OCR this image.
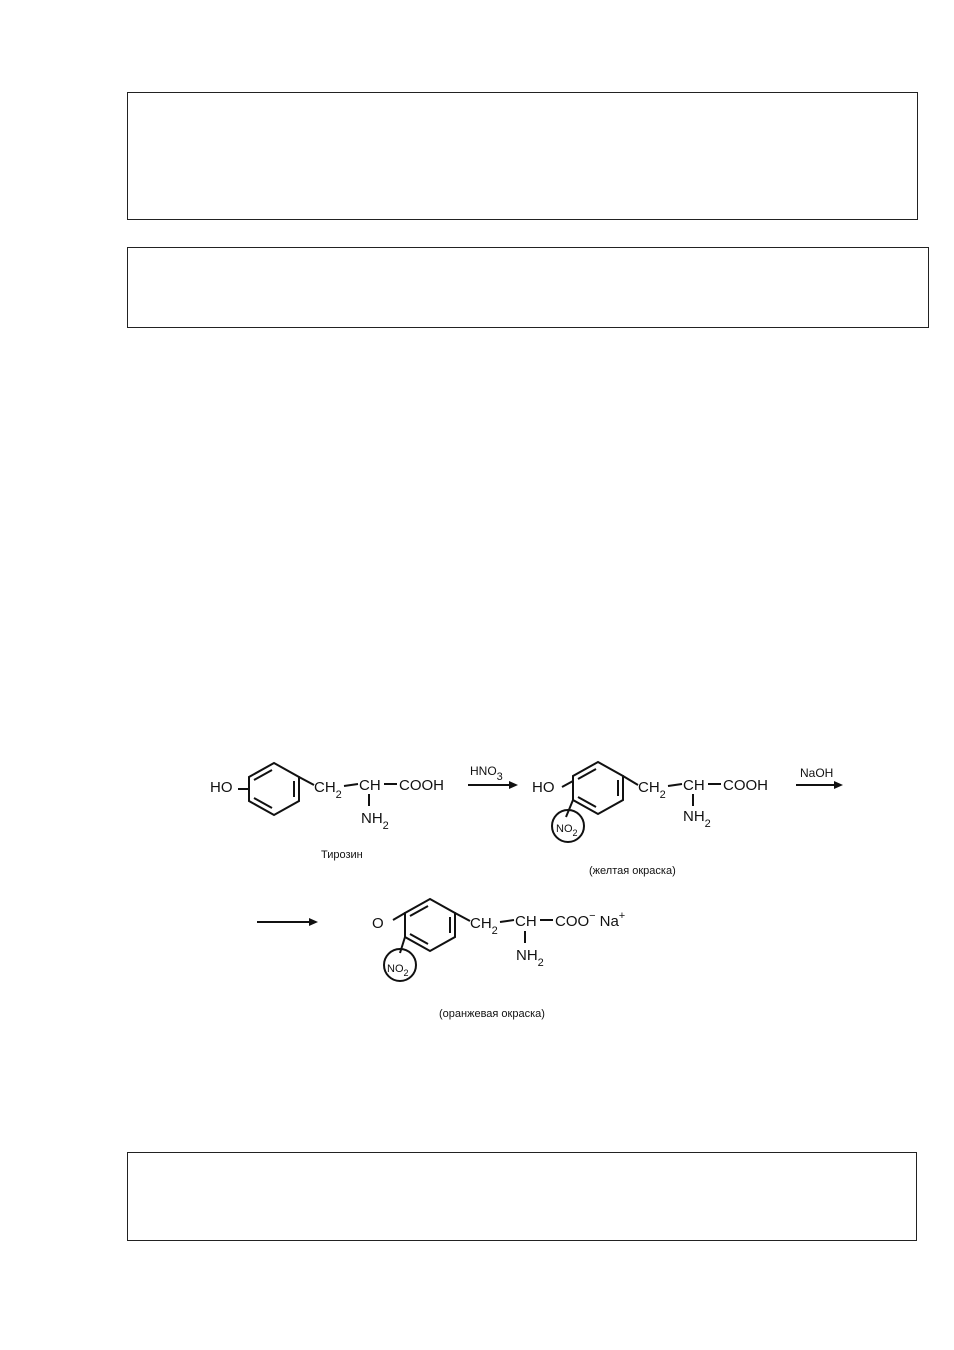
HO	$CH_2$
CH COOH
$NH_2$
Тирозин
HNO3
HO
$NO_2$
$CH_2$
CH COOH
$NH_2$
(желтая окраска)
NaOH
O
$NO_2$
$CH_2$
CH COO− Na+
$NH_2$
(оранжевая окраска)
